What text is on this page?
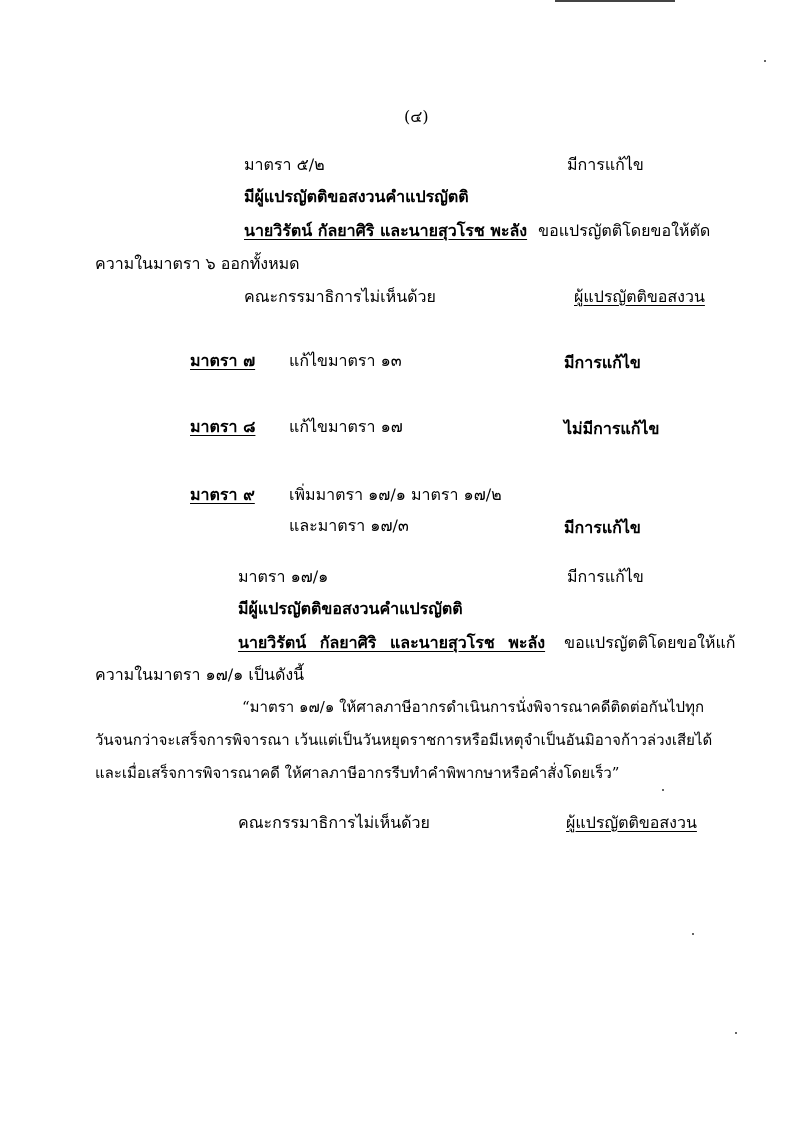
(๔)
มาตรา ๕/๒	มีการแก้ไข
มีผู้แปรญัตติขอสงวนคำแปรญัตติ
นายวิรัตน์ กัลยาศิริ และนายสุวโรช พะลัง ขอแปรญัตติโดยขอให้ตัด
ความในมาตรา ๖ ออกทั้งหมด
คณะกรรมาธิการไม่เห็นด้วย	ผู้แปรญัตติขอสงวน
มาตรา ๗ แก้ไขมาตรา ๑๓	มีการแก้ไข
มาตรา ๘ แก้ไขมาตรา ๑๗	ไม่มีการแก้ไข
มาตรา ๙ เพิ่มมาตรา ๑๗/๑ มาตรา ๑๗/๒
และมาตรา ๑๗/๓	มีการแก้ไข
มาตรา ๑๗/๑	มีการแก้ไข
มีผู้แปรญัตติขอสงวนคำแปรญัตติ
นายวิรัตน์ กัลยาศิริ และนายสุวโรช พะลัง ขอแปรญัตติโดยขอให้แก้
ความในมาตรา ๑๗/๑ เป็นดังนี้
“มาตรา ๑๗/๑ ให้ศาลภาษีอากรดำเนินการนั่งพิจารณาคดีติดต่อกันไปทุก
วันจนกว่าจะเสร็จการพิจารณา เว้นแต่เป็นวันหยุดราชการหรือมีเหตุจำเป็นอันมิอาจก้าวล่วงเสียได้
และเมื่อเสร็จการพิจารณาคดี ให้ศาลภาษีอากรรีบทำคำพิพากษาหรือคำสั่งโดยเร็ว”
คณะกรรมาธิการไม่เห็นด้วย	ผู้แปรญัตติขอสงวน
